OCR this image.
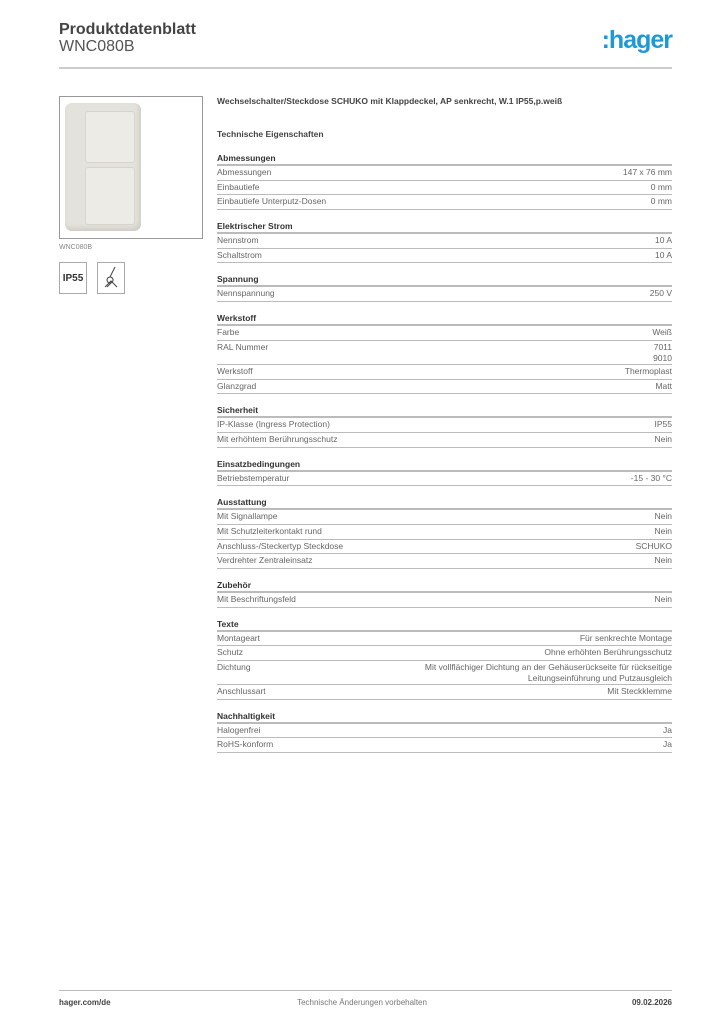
Produktdatenblatt
WNC080B	:hager
WNC080B
IP55
Wechselschalter/Steckdose SCHUKO mit Klappdeckel, AP senkrecht, W.1 IP55,p.weiß
Technische Eigenschaften
Abmessungen
Abmessungen	147 x 76 mm
Einbautiefe	0 mm
Einbautiefe Unterputz-Dosen	0 mm
Elektrischer Strom
Nennstrom	10 A
Schaltstrom	10 A
Spannung
Nennspannung	250 V
Werkstoff
Farbe	Weiß
RAL Nummer	7011
9010
Werkstoff	Thermoplast
Glanzgrad	Matt
Sicherheit
IP-Klasse (Ingress Protection)	IP55
Mit erhöhtem Berührungsschutz	Nein
Einsatzbedingungen
Betriebstemperatur	-15 - 30 °C
Ausstattung
Mit Signallampe	Nein
Mit Schutzleiterkontakt rund	Nein
Anschluss-/Steckertyp Steckdose	SCHUKO
Verdrehter Zentraleinsatz	Nein
Zubehör
Mit Beschriftungsfeld	Nein
Texte
Montageart	Für senkrechte Montage
Schutz	Ohne erhöhten Berührungsschutz
Dichtung	Mit vollflächiger Dichtung an der Gehäuserückseite für rückseitige
Leitungseinführung und Putzausgleich
Anschlussart	Mit Steckklemme
Nachhaltigkeit
Halogenfrei	Ja
RoHS-konform	Ja
hager.com/de	Technische Änderungen vorbehalten	09.02.2026
